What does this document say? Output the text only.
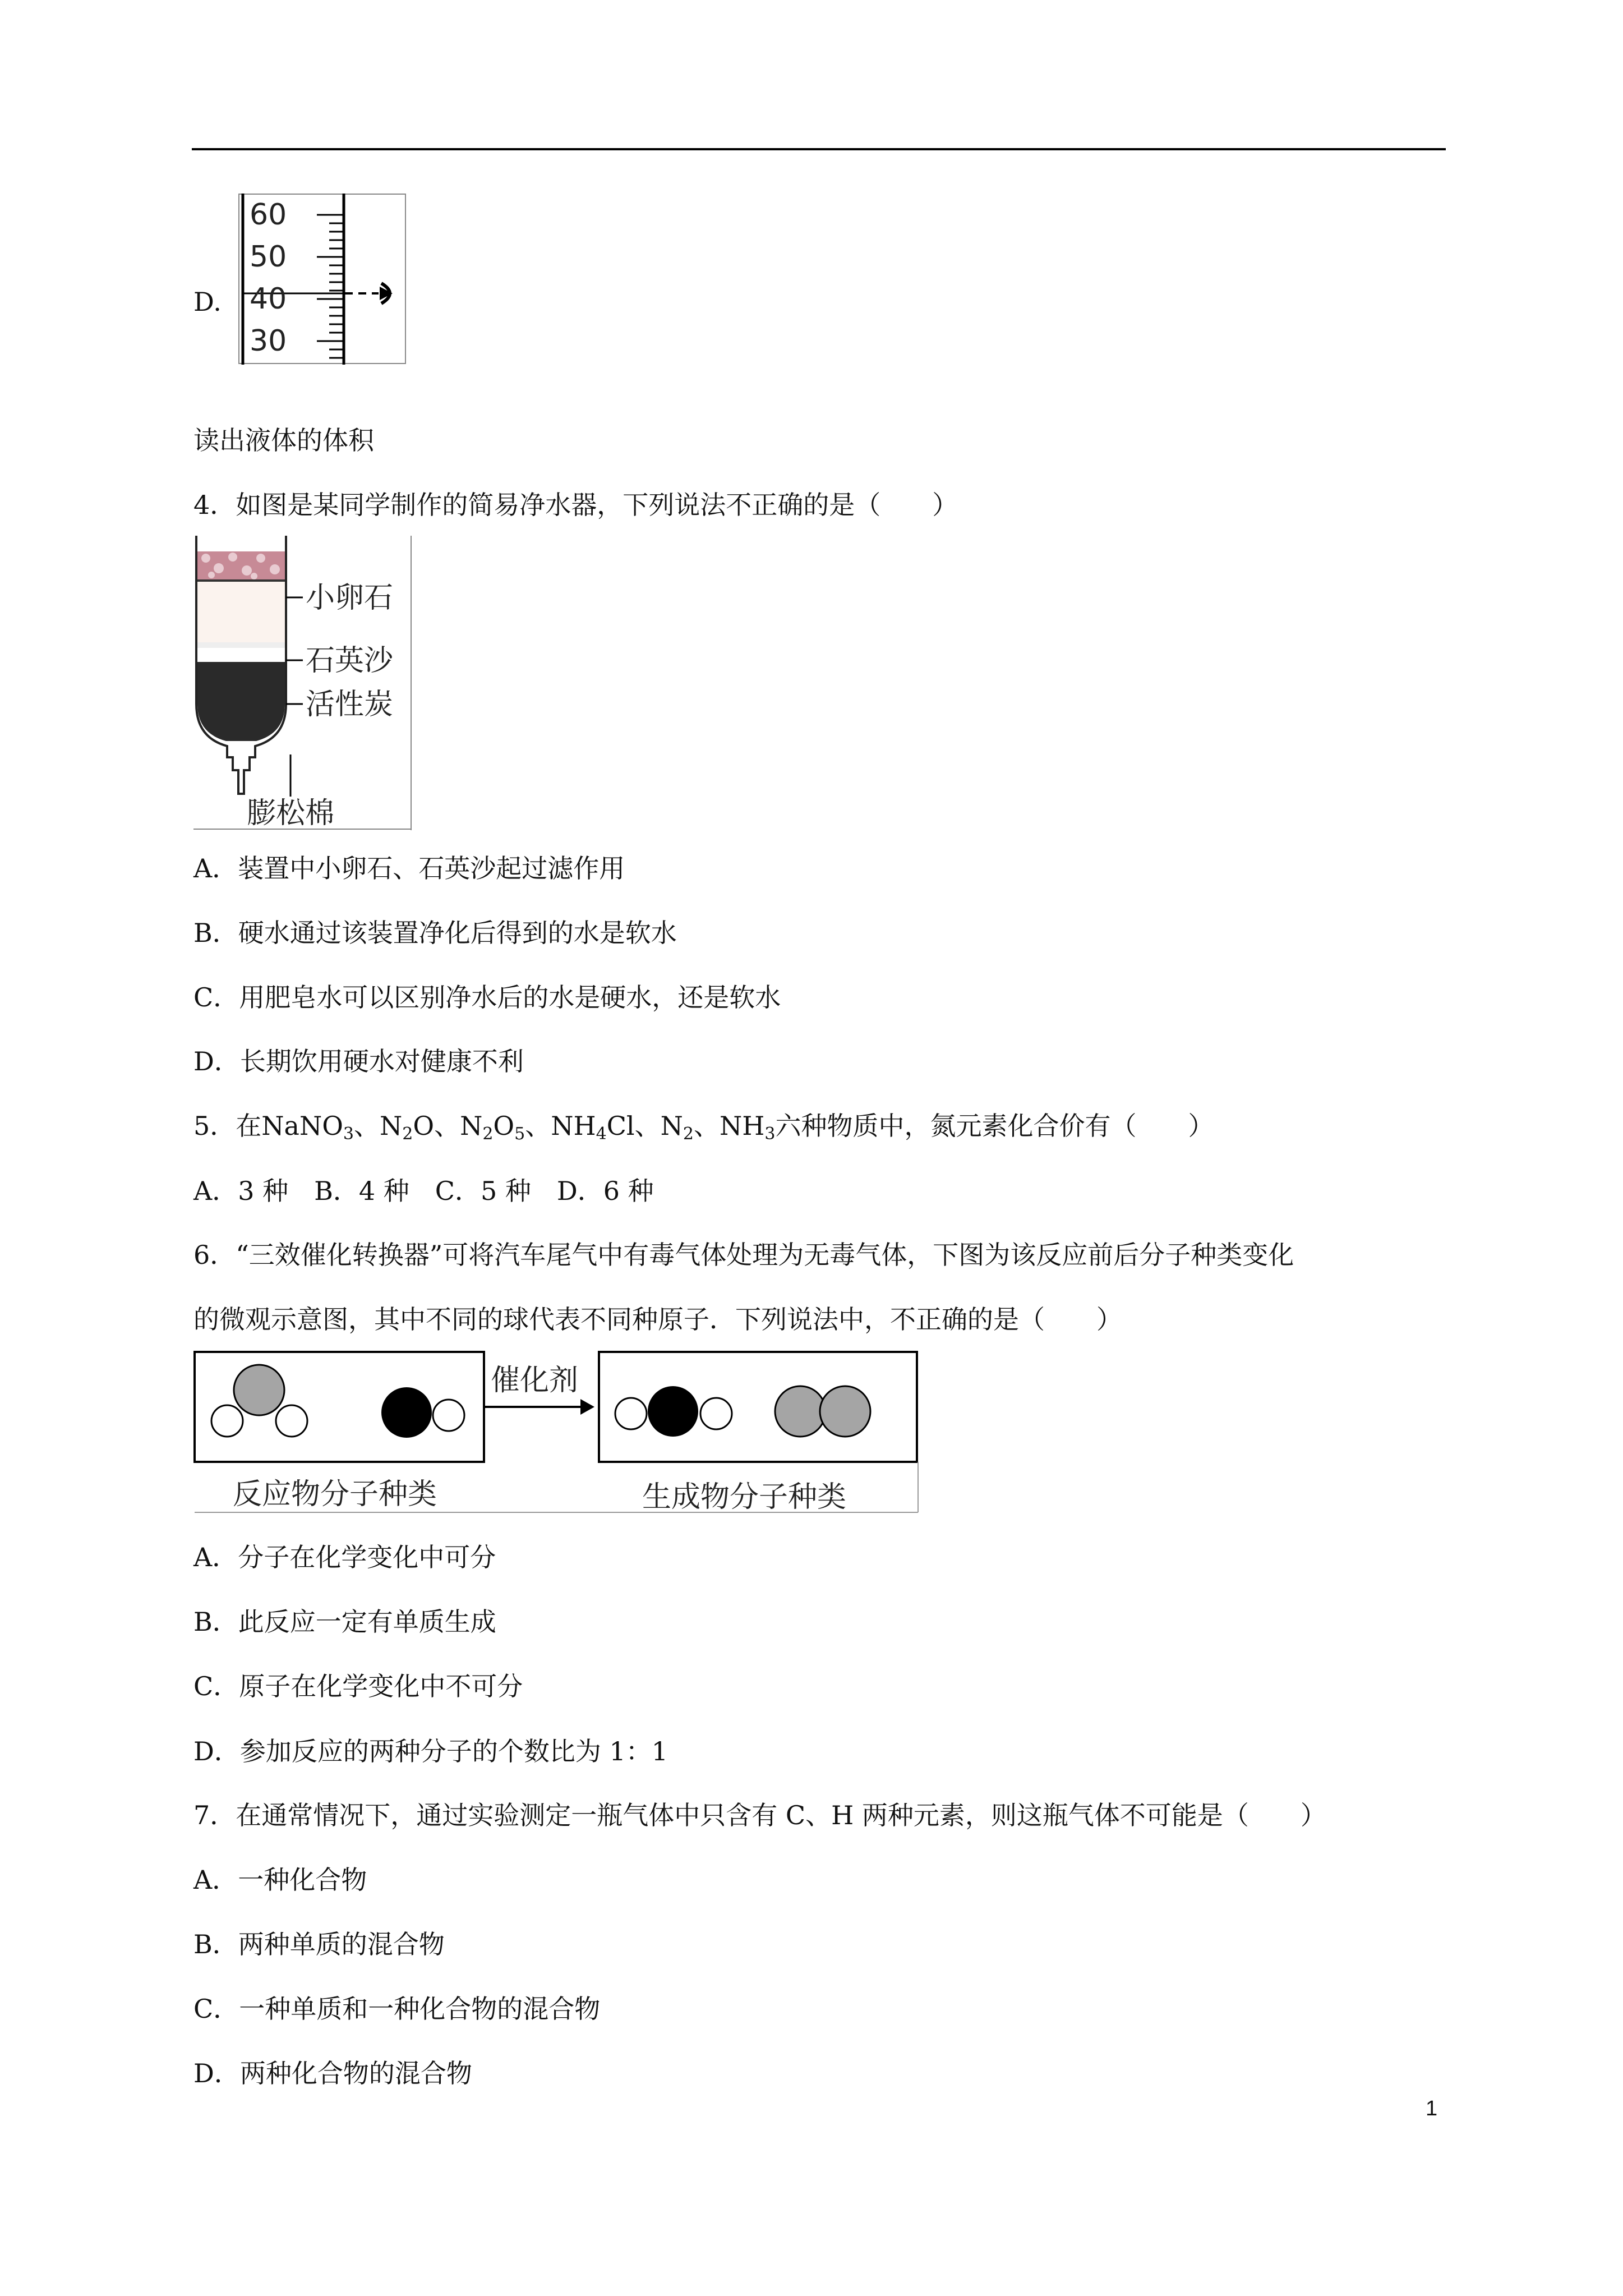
D.
60
50
40
30
读出液体的体积
4．如图是某同学制作的简易净水器，下列说法不正确的是（　　）
小卵石
石英沙
活性炭
膨松棉
A．装置中小卵石、石英沙起过滤作用
B．硬水通过该装置净化后得到的水是软水
C．用肥皂水可以区别净水后的水是硬水，还是软水
D．长期饮用硬水对健康不利
5．在NaNO$_3$、$N_2O$、$N_2O_5$、$NH_4Cl$、$N_2$、$NH_3$六种物质中，氮元素化合价有（　　）
A．3 种　B．4 种　C．5 种　D．6 种
6．“三效催化转换器”可将汽车尾气中有毒气体处理为无毒气体，下图为该反应前后分子种类变化
的微观示意图，其中不同的球代表不同种原子．下列说法中，不正确的是（　　）
催化剂
反应物分子种类	生成物分子种类
A．分子在化学变化中可分
B．此反应一定有单质生成
C．原子在化学变化中不可分
D．参加反应的两种分子的个数比为 1：1
7．在通常情况下，通过实验测定一瓶气体中只含有 C、H 两种元素，则这瓶气体不可能是（　　）
A．一种化合物
B．两种单质的混合物
C．一种单质和一种化合物的混合物
D．两种化合物的混合物
1
